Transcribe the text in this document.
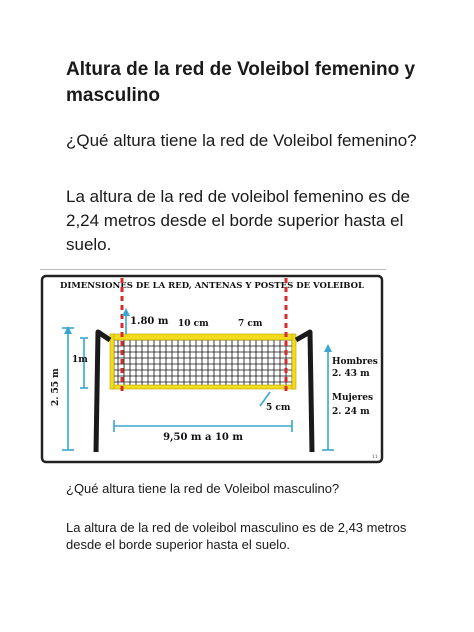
Altura de la red de Voleibol femenino y masculino

¿Qué altura tiene la red de Voleibol femenino?

La altura de la red de voleibol femenino es de 2,24 metros desde el borde superior hasta el suelo.

DIMENSIONES DE LA RED, ANTENAS Y POSTES DE VOLEIBOL
1.80 m 10 cm	7 cm
5 cm
1m
2. 55 m
9,50 m a 10 m
Hombres
2. 43 m
Mujeres
2. 24 m
11

¿Qué altura tiene la red de Voleibol masculino?

La altura de la red de voleibol masculino es de 2,43 metros desde el borde superior hasta el suelo.
